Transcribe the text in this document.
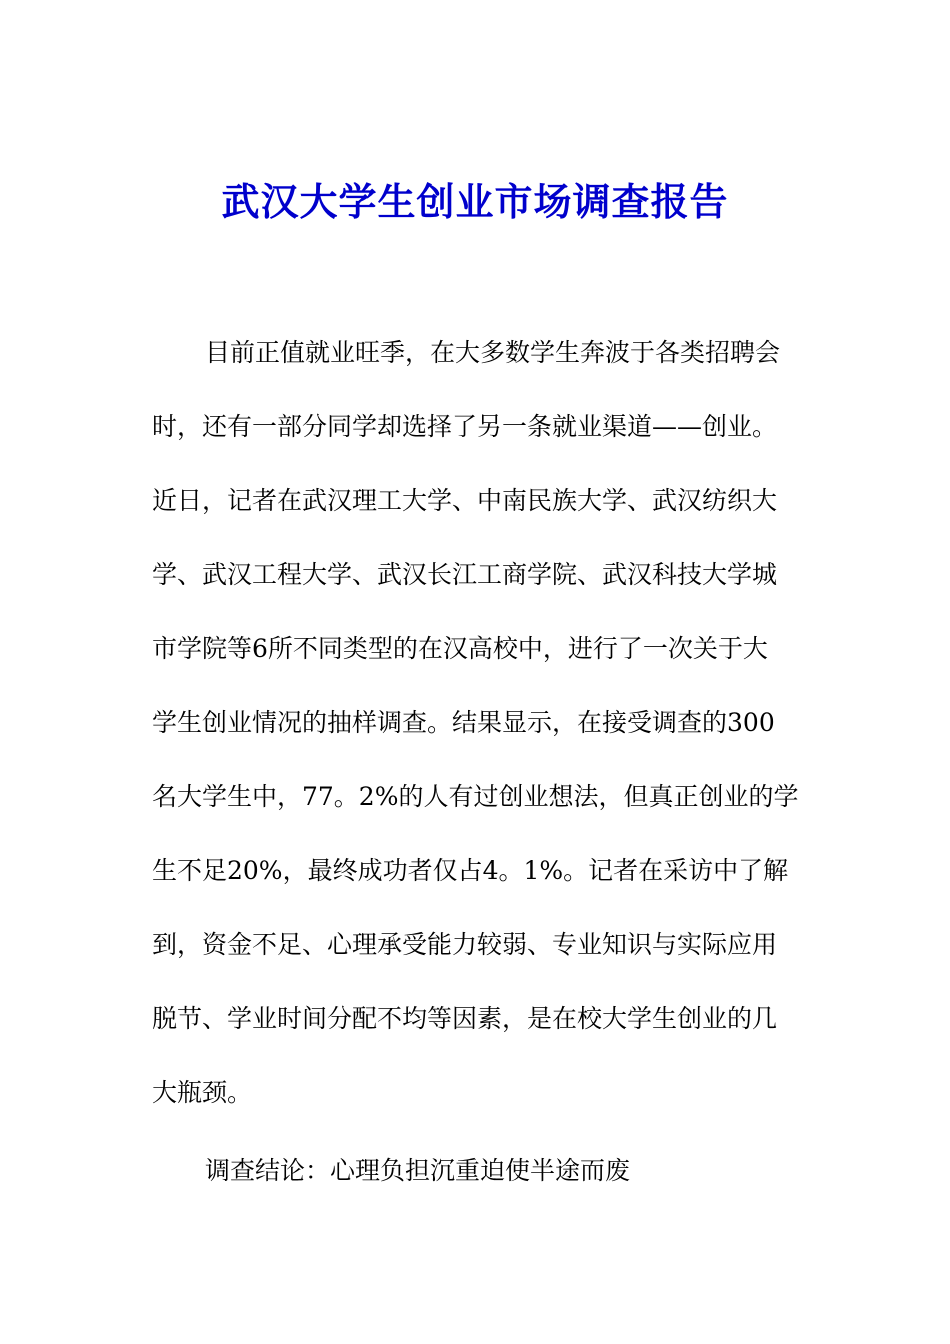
武汉大学生创业市场调查报告
目前正值就业旺季，在大多数学生奔波于各类招聘会
时，还有一部分同学却选择了另一条就业渠道——创业。
近日，记者在武汉理工大学、中南民族大学、武汉纺织大
学、武汉工程大学、武汉长江工商学院、武汉科技大学城
市学院等6所不同类型的在汉高校中，进行了一次关于大
学生创业情况的抽样调查。结果显示，在接受调查的300
名大学生中，77。2%的人有过创业想法，但真正创业的学
生不足20%，最终成功者仅占4。1%。记者在采访中了解
到，资金不足、心理承受能力较弱、专业知识与实际应用
脱节、学业时间分配不均等因素，是在校大学生创业的几
大瓶颈。
调查结论：心理负担沉重迫使半途而废
